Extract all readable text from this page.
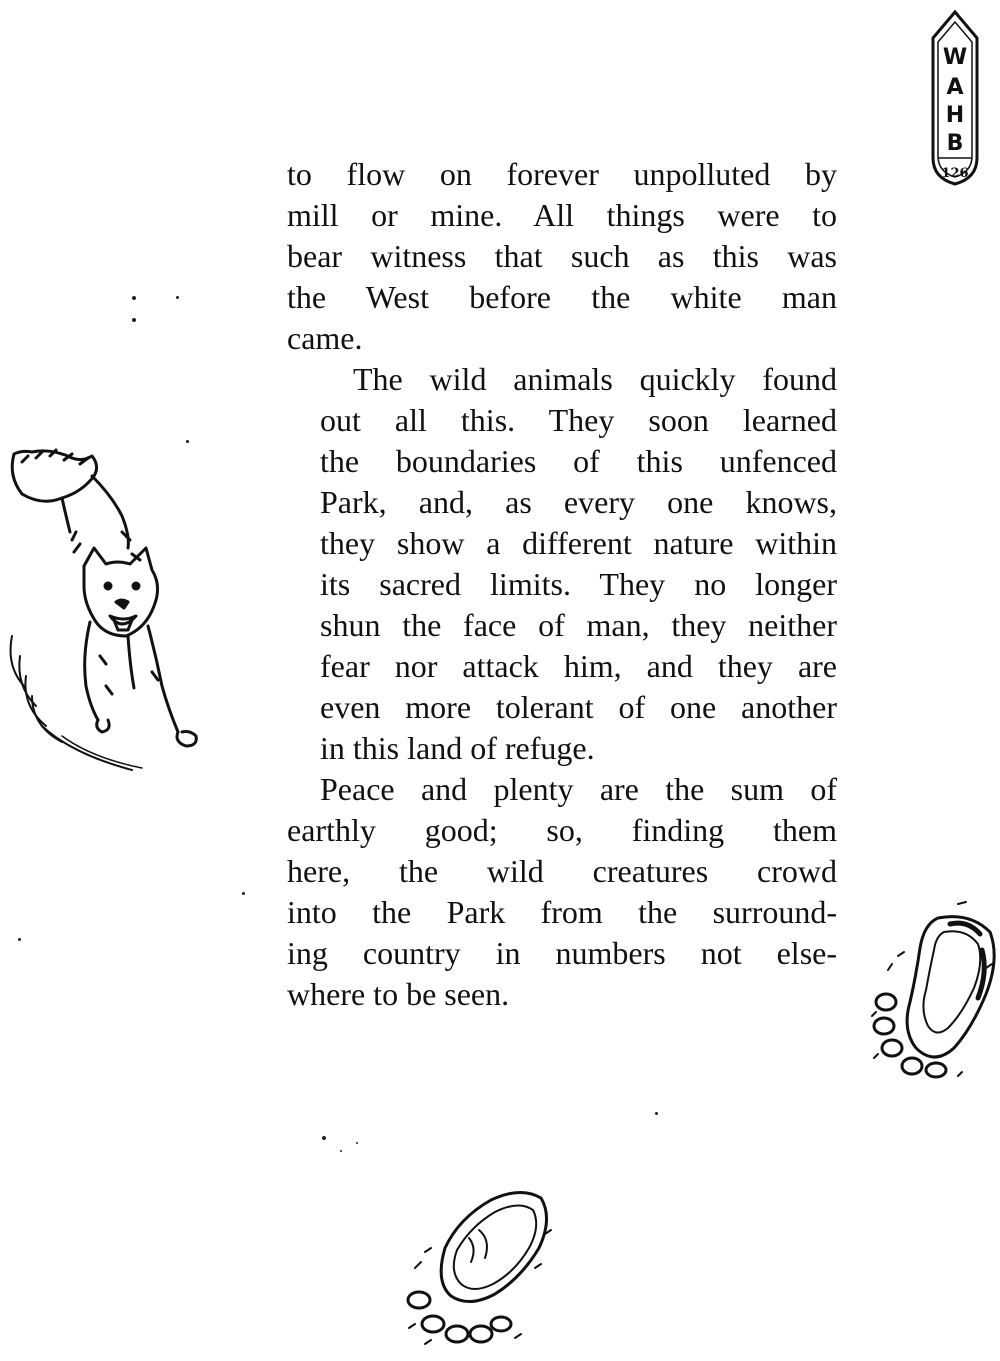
W
A
H
B
126

to flow on forever unpolluted by
mill or mine. All things were to
bear witness that such as this was
the West before the white man
came.

The wild animals quickly found
out all this. They soon learned
the boundaries of this unfenced
Park, and, as every one knows,
they show a different nature within
its sacred limits. They no longer
shun the face of man, they neither
fear nor attack him, and they are
even more tolerant of one another
in this land of refuge.

Peace and plenty are the sum of
earthly good; so, finding them
here, the wild creatures crowd
into the Park from the surround-
ing country in numbers not else-
where to be seen.
